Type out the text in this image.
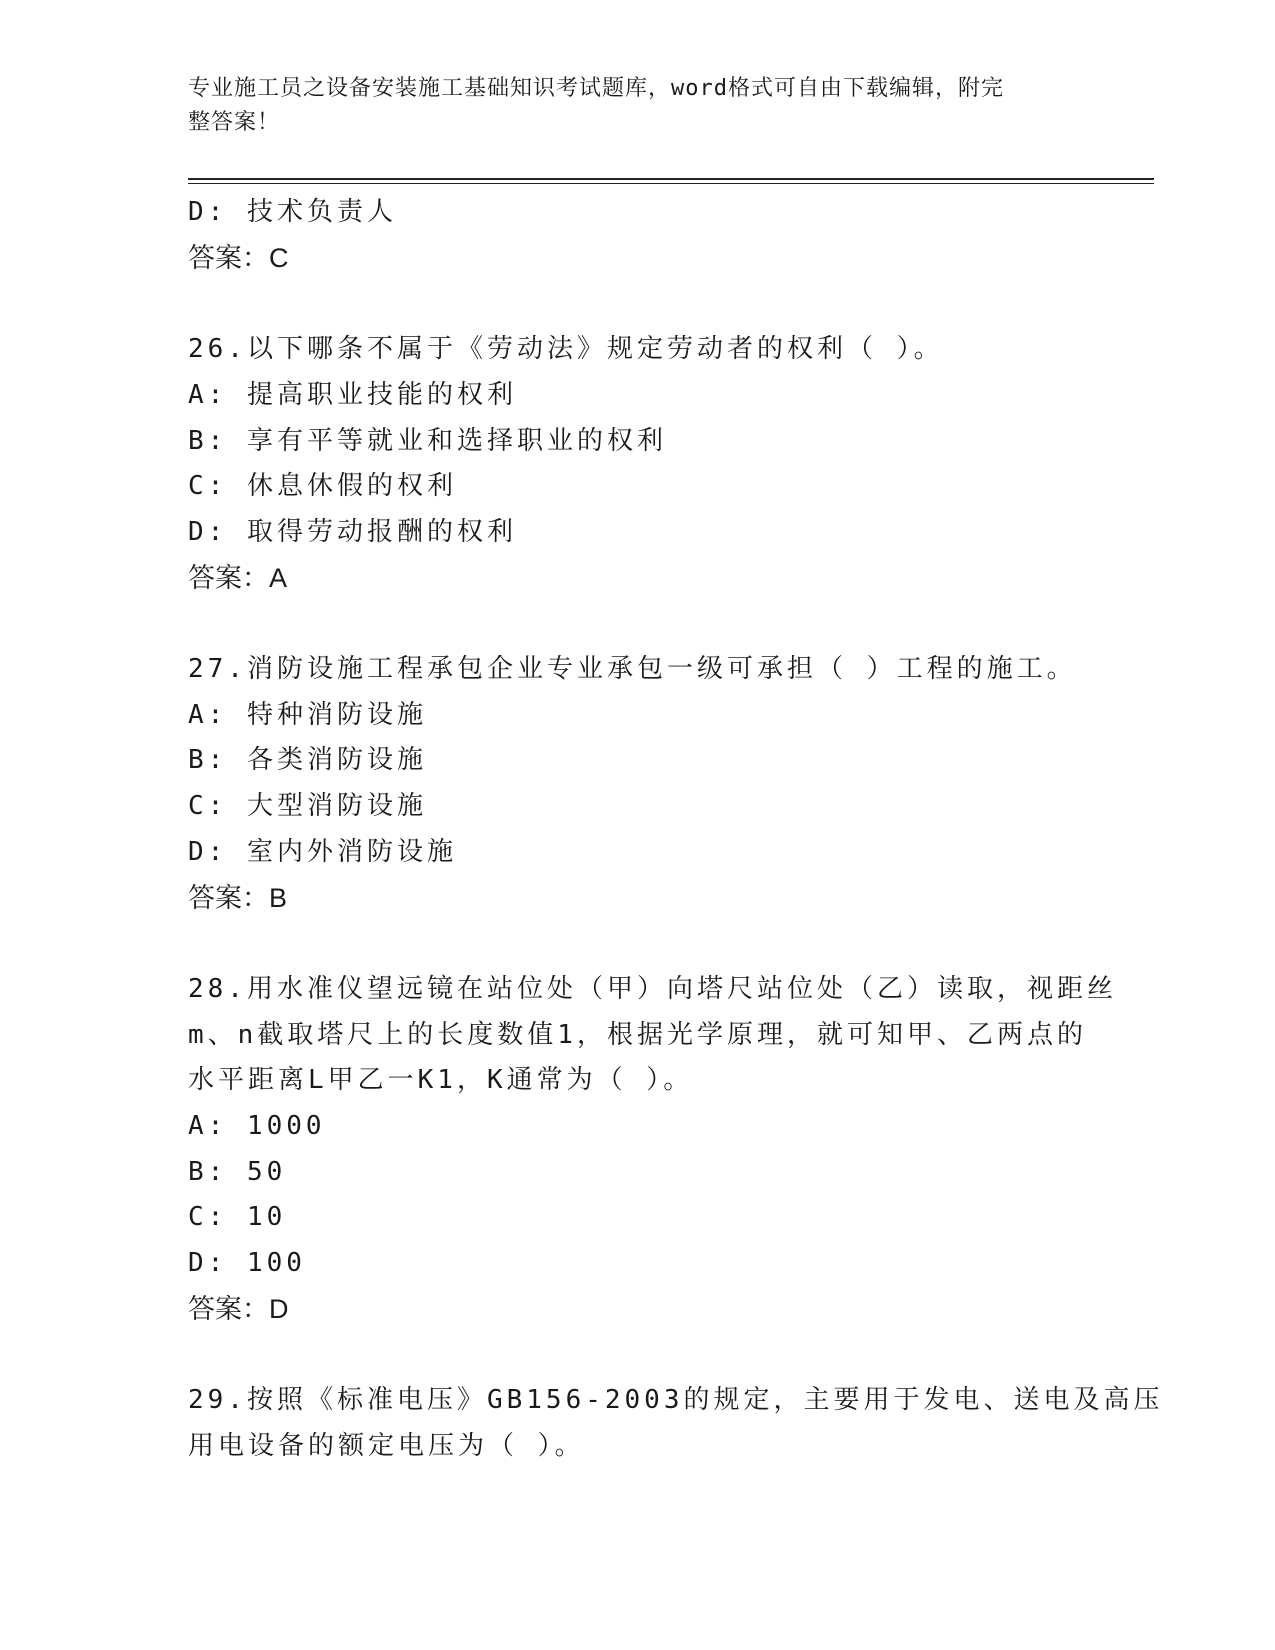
专业施工员之设备安装施工基础知识考试题库，word格式可自由下载编辑，附完
整答案！
D: 技术负责人
答案：C
26.以下哪条不属于《劳动法》规定劳动者的权利（ ）。
A: 提高职业技能的权利
B: 享有平等就业和选择职业的权利
C: 休息休假的权利
D: 取得劳动报酬的权利
答案：A
27.消防设施工程承包企业专业承包一级可承担（ ）工程的施工。
A: 特种消防设施
B: 各类消防设施
C: 大型消防设施
D: 室内外消防设施
答案：B
28.用水准仪望远镜在站位处（甲）向塔尺站位处（乙）读取，视距丝
m、n截取塔尺上的长度数值1，根据光学原理，就可知甲、乙两点的
水平距离L甲乙一K1，K通常为（ ）。
A: 1000
B: 50
C: 10
D: 100
答案：D
29.按照《标准电压》GB156-2003的规定，主要用于发电、送电及高压
用电设备的额定电压为（ ）。
